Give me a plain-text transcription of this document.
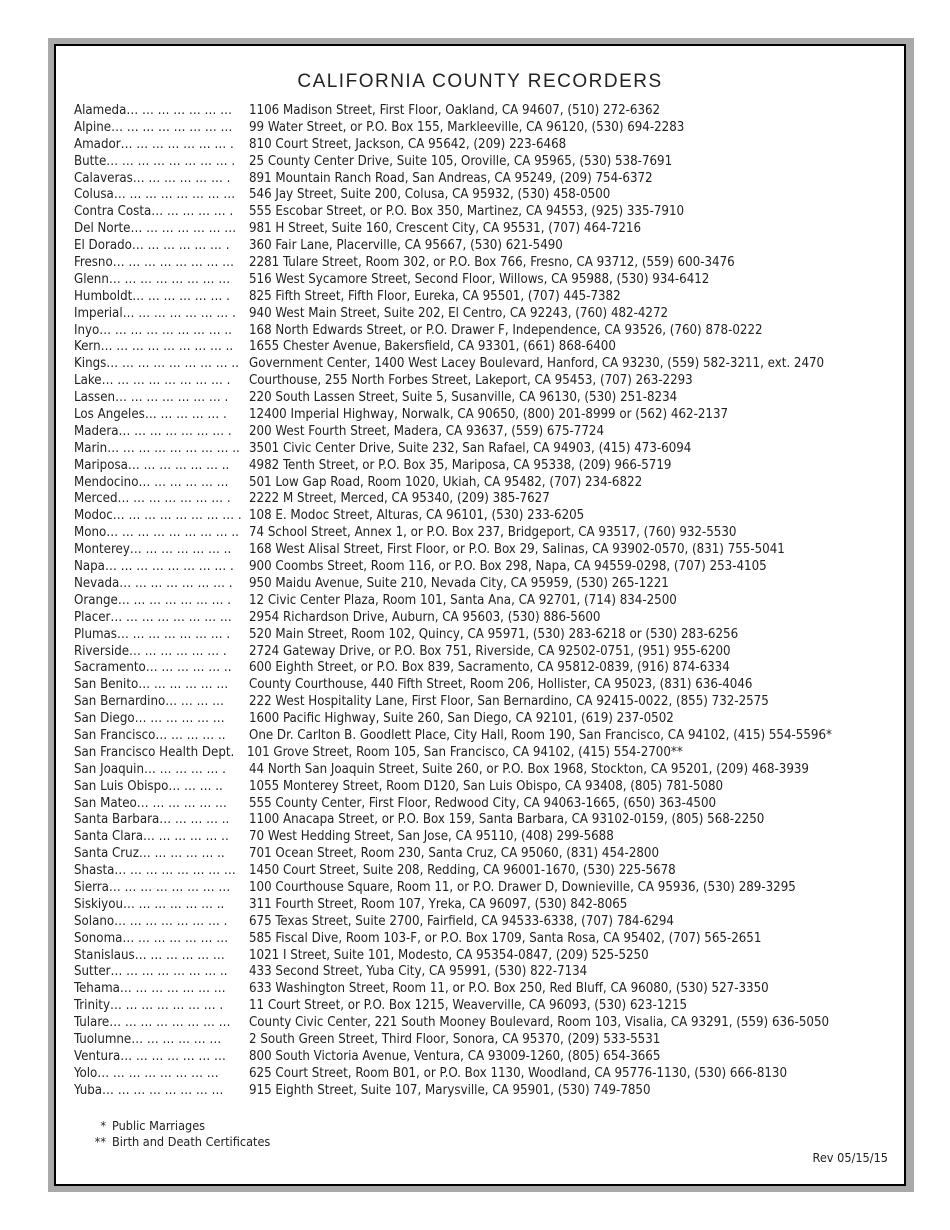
CALIFORNIA COUNTY RECORDERS
Alameda… … … … … … …	1106 Madison Street, First Floor, Oakland, CA 94607, (510) 272-6362
Alpine… … … … … … … …	99 Water Street, or P.O. Box 155, Markleeville, CA 96120, (530) 694-2283
Amador… … … … … … … .	810 Court Street, Jackson, CA 95642, (209) 223-6468
Butte… … … … … … … … .	25 County Center Drive, Suite 105, Oroville, CA 95965, (530) 538-7691
Calaveras… … … … … … .	891 Mountain Ranch Road, San Andreas, CA 95249, (209) 754-6372
Colusa… … … … … … … …	546 Jay Street, Suite 200, Colusa, CA 95932, (530) 458-0500
Contra Costa… … … … … .	555 Escobar Street, or P.O. Box 350, Martinez, CA 94553, (925) 335-7910
Del Norte… … … … … … … 981 H Street, Suite 160, Crescent City, CA 95531, (707) 464-7216
El Dorado… … … … … … .	360 Fair Lane, Placerville, CA 95667, (530) 621-5490
Fresno… … … … … … … …	2281 Tulare Street, Room 302, or P.O. Box 766, Fresno, CA 93712, (559) 600-3476
Glenn… … … … … … … …	516 West Sycamore Street, Second Floor, Willows, CA 95988, (530) 934-6412
Humboldt… … … … … … .	825 Fifth Street, Fifth Floor, Eureka, CA 95501, (707) 445-7382
Imperial… … … … … … … . 940 West Main Street, Suite 202, El Centro, CA 92243, (760) 482-4272
Inyo… … … … … … … … ..	168 North Edwards Street, or P.O. Drawer F, Independence, CA 93526, (760) 878-0222
Kern… … … … … … … … ..	1655 Chester Avenue, Bakersfield, CA 93301, (661) 868-6400
Kings… … … … … … … … .. Government Center, 1400 West Lacey Boulevard, Hanford, CA 93230, (559) 582-3211, ext. 2470
Lake… … … … … … … … .	Courthouse, 255 North Forbes Street, Lakeport, CA 95453, (707) 263-2293
Lassen… … … … … … … .	220 South Lassen Street, Suite 5, Susanville, CA 96130, (530) 251-8234
Los Angeles… … … … … .	12400 Imperial Highway, Norwalk, CA 90650, (800) 201-8999 or (562) 462-2137
Madera… … … … … … … .	200 West Fourth Street, Madera, CA 93637, (559) 675-7724
Marin… … … … … … … … .. 3501 Civic Center Drive, Suite 232, San Rafael, CA 94903, (415) 473-6094
Mariposa… … … … … … ..	4982 Tenth Street, or P.O. Box 35, Mariposa, CA 95338, (209) 966-5719
Mendocino… … … … … …	501 Low Gap Road, Room 1020, Ukiah, CA 95482, (707) 234-6822
Merced… … … … … … … .	2222 M Street, Merced, CA 95340, (209) 385-7627
Modoc… … … … … … … … . 108 E. Modoc Street, Alturas, CA 96101, (530) 233-6205
Mono… … … … … … … … .. 74 School Street, Annex 1, or P.O. Box 237, Bridgeport, CA 93517, (760) 932-5530
Monterey… … … … … … ..	168 West Alisal Street, First Floor, or P.O. Box 29, Salinas, CA 93902-0570, (831) 755-5041
Napa… … … … … … … … .	900 Coombs Street, Room 116, or P.O. Box 298, Napa, CA 94559-0298, (707) 253-4105
Nevada… … … … … … … .	950 Maidu Avenue, Suite 210, Nevada City, CA 95959, (530) 265-1221
Orange… … … … … … … .	12 Civic Center Plaza, Room 101, Santa Ana, CA 92701, (714) 834-2500
Placer… … … … … … … …	2954 Richardson Drive, Auburn, CA 95603, (530) 886-5600
Plumas… … … … … … … .	520 Main Street, Room 102, Quincy, CA 95971, (530) 283-6218 or (530) 283-6256
Riverside… … … … … … .	2724 Gateway Drive, or P.O. Box 751, Riverside, CA 92502-0751, (951) 955-6200
Sacramento… … … … … ..	600 Eighth Street, or P.O. Box 839, Sacramento, CA 95812-0839, (916) 874-6334
San Benito… … … … … …	County Courthouse, 440 Fifth Street, Room 206, Hollister, CA 95023, (831) 636-4046
San Bernardino… … … …	222 West Hospitality Lane, First Floor, San Bernardino, CA 92415-0022, (855) 732-2575
San Diego… … … … … …	1600 Pacific Highway, Suite 260, San Diego, CA 92101, (619) 237-0502
San Francisco… … … … ..	One Dr. Carlton B. Goodlett Place, City Hall, Room 190, San Francisco, CA 94102, (415) 554-5596*
San Francisco Health Dept. 101 Grove Street, Room 105, San Francisco, CA 94102, (415) 554-2700**
San Joaquin… … … … … .	44 North San Joaquin Street, Suite 260, or P.O. Box 1968, Stockton, CA 95201, (209) 468-3939
San Luis Obispo… … … ..	1055 Monterey Street, Room D120, San Luis Obispo, CA 93408, (805) 781-5080
San Mateo… … … … … …	555 County Center, First Floor, Redwood City, CA 94063-1665, (650) 363-4500
Santa Barbara… … … … ..	1100 Anacapa Street, or P.O. Box 159, Santa Barbara, CA 93102-0159, (805) 568-2250
Santa Clara… … … … … ..	70 West Hedding Street, San Jose, CA 95110, (408) 299-5688
Santa Cruz… … … … … ..	701 Ocean Street, Room 230, Santa Cruz, CA 95060, (831) 454-2800
Shasta… … … … … … … …	1450 Court Street, Suite 208, Redding, CA 96001-1670, (530) 225-5678
Sierra… … … … … … … …	100 Courthouse Square, Room 11, or P.O. Drawer D, Downieville, CA 95936, (530) 289-3295
Siskiyou… … … … … … ..	311 Fourth Street, Room 107, Yreka, CA 96097, (530) 842-8065
Solano… … … … … … … .	675 Texas Street, Suite 2700, Fairfield, CA 94533-6338, (707) 784-6294
Sonoma… … … … … … …	585 Fiscal Dive, Room 103-F, or P.O. Box 1709, Santa Rosa, CA 95402, (707) 565-2651
Stanislaus… … … … … …	1021 I Street, Suite 101, Modesto, CA 95354-0847, (209) 525-5250
Sutter… … … … … … … ..	433 Second Street, Yuba City, CA 95991, (530) 822-7134
Tehama… … … … … … …	633 Washington Street, Room 11, or P.O. Box 250, Red Bluff, CA 96080, (530) 527-3350
Trinity… … … … … … … .	11 Court Street, or P.O. Box 1215, Weaverville, CA 96093, (530) 623-1215
Tulare… … … … … … … …	County Civic Center, 221 South Mooney Boulevard, Room 103, Visalia, CA 93291, (559) 636-5050
Tuolumne… … … … … …	2 South Green Street, Third Floor, Sonora, CA 95370, (209) 533-5531
Ventura… … … … … … …	800 South Victoria Avenue, Ventura, CA 93009-1260, (805) 654-3665
Yolo… … … … … … … …	625 Court Street, Room B01, or P.O. Box 1130, Woodland, CA 95776-1130, (530) 666-8130
Yuba… … … … … … … …	915 Eighth Street, Suite 107, Marysville, CA 95901, (530) 749-7850
* Public Marriages
** Birth and Death Certificates
Rev 05/15/15
